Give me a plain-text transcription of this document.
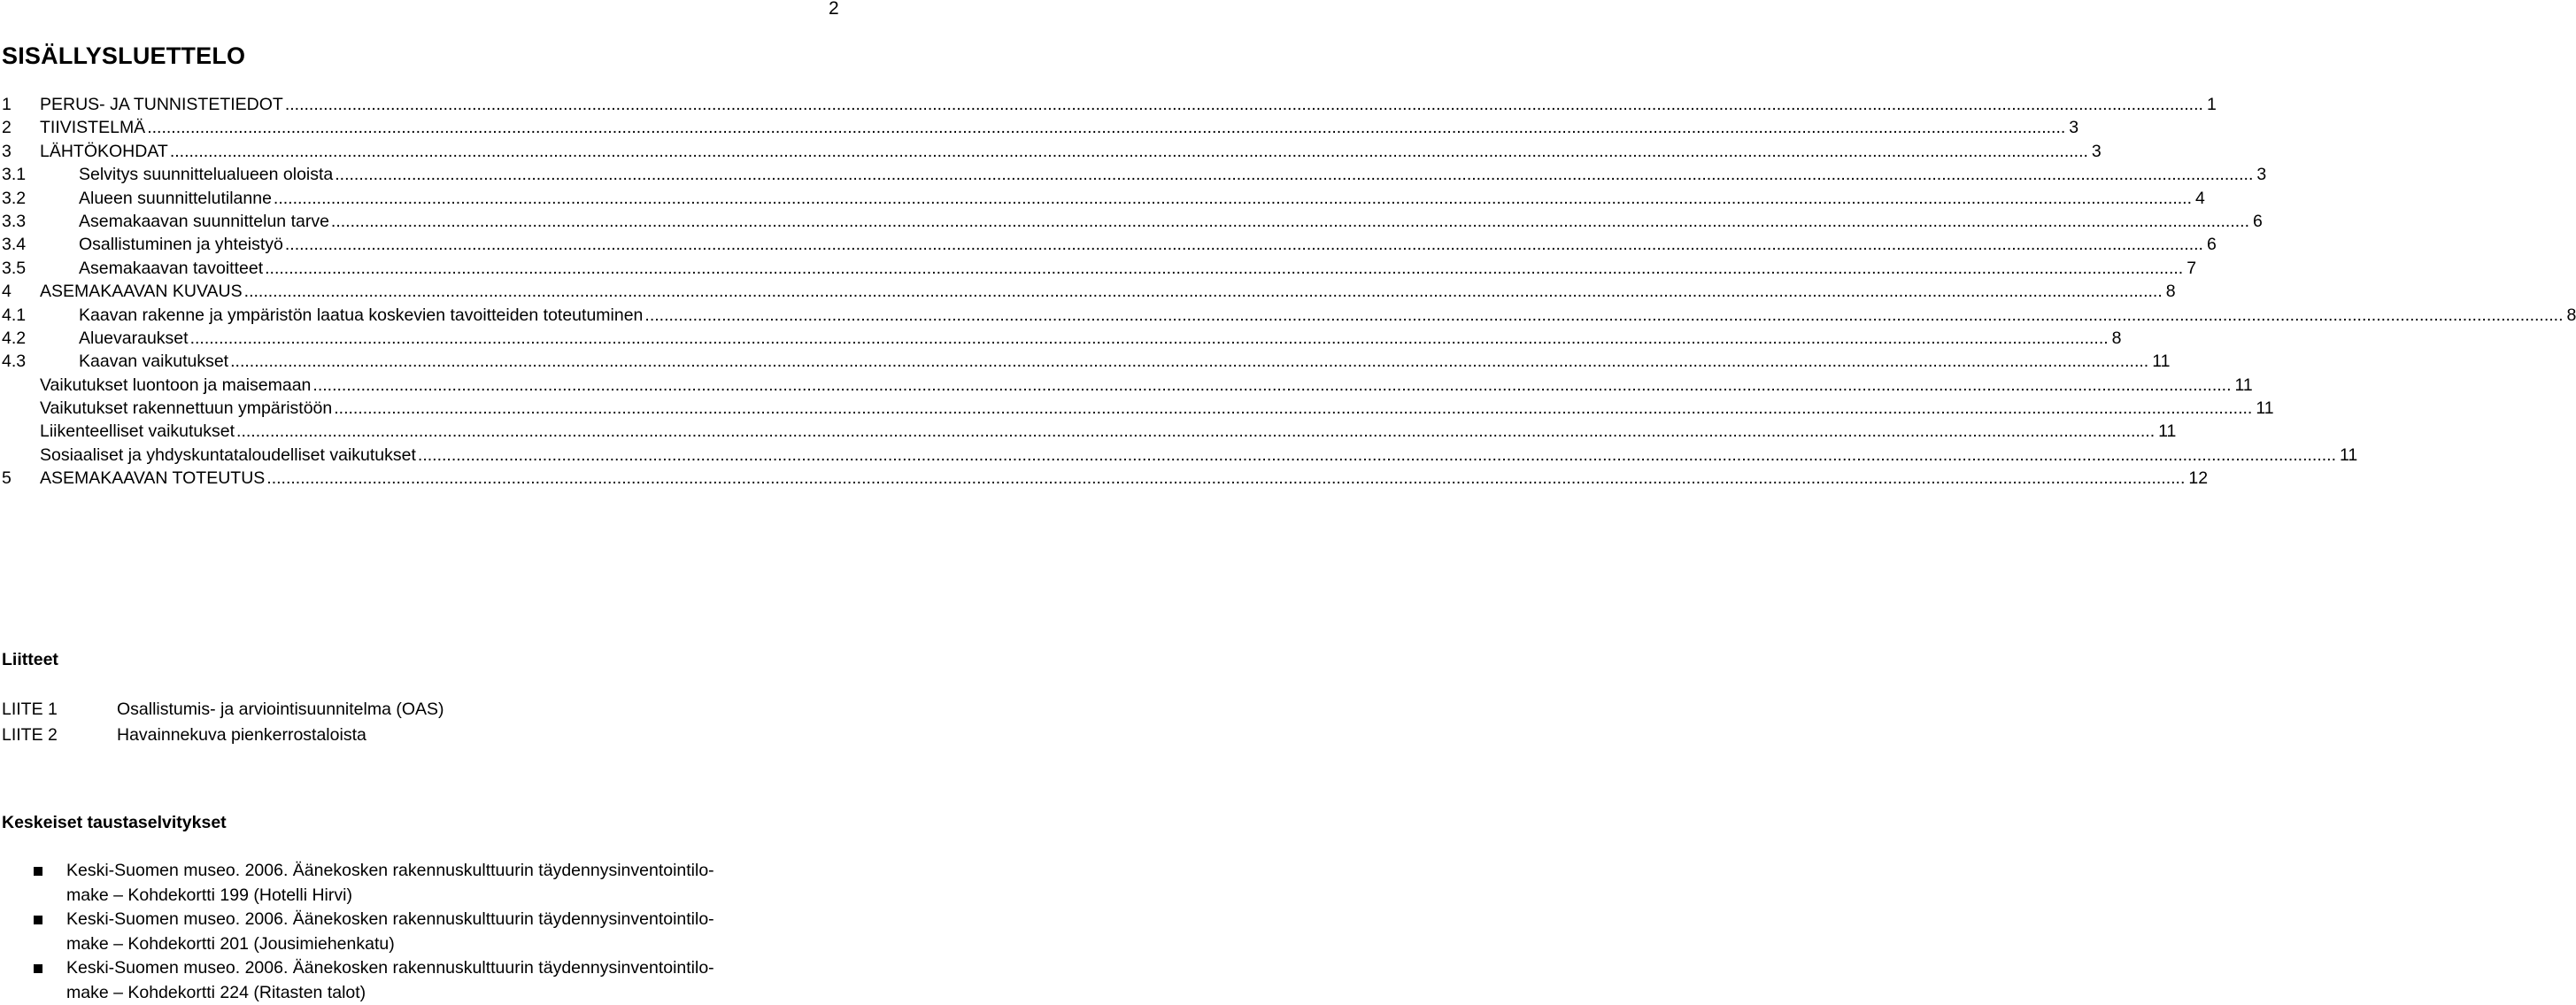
2
SISÄLLYSLUETTELO
1 PERUS- JA TUNNISTETIEDOT ................................................................................................................................................................................................................................................................................................................................................................................................................ 1
2 TIIVISTELMÄ ................................................................................................................................................................................................................................................................................................................................................................................................................ 3
3 LÄHTÖKOHDAT ................................................................................................................................................................................................................................................................................................................................................................................................................ 3
3.1	Selvitys suunnittelualueen oloista ................................................................................................................................................................................................................................................................................................................................................................................................................ 3
3.2	Alueen suunnittelutilanne ................................................................................................................................................................................................................................................................................................................................................................................................................ 4
3.3	Asemakaavan suunnittelun tarve ................................................................................................................................................................................................................................................................................................................................................................................................................ 6
3.4	Osallistuminen ja yhteistyö ................................................................................................................................................................................................................................................................................................................................................................................................................ 6
3.5	Asemakaavan tavoitteet ................................................................................................................................................................................................................................................................................................................................................................................................................ 7
4 ASEMAKAAVAN KUVAUS ................................................................................................................................................................................................................................................................................................................................................................................................................ 8
4.1	Kaavan rakenne ja ympäristön laatua koskevien tavoitteiden toteutuminen ................................................................................................................................................................................................................................................................................................................................................................................................................ 8
4.2	Aluevaraukset ................................................................................................................................................................................................................................................................................................................................................................................................................ 8
4.3	Kaavan vaikutukset ................................................................................................................................................................................................................................................................................................................................................................................................................ 11
Vaikutukset luontoon ja maisemaan ................................................................................................................................................................................................................................................................................................................................................................................................................ 11
Vaikutukset rakennettuun ympäristöön ................................................................................................................................................................................................................................................................................................................................................................................................................ 11
Liikenteelliset vaikutukset ................................................................................................................................................................................................................................................................................................................................................................................................................ 11
Sosiaaliset ja yhdyskuntataloudelliset vaikutukset ................................................................................................................................................................................................................................................................................................................................................................................................................ 11
5 ASEMAKAAVAN TOTEUTUS ................................................................................................................................................................................................................................................................................................................................................................................................................ 12
Liitteet
LIITE 1	Osallistumis- ja arviointisuunnitelma (OAS)
LIITE 2	Havainnekuva pienkerrostaloista
Keskeiset taustaselvitykset
Keski-Suomen museo. 2006. Äänekosken rakennuskulttuurin täydennysinventointilo-
make – Kohdekortti 199 (Hotelli Hirvi)
Keski-Suomen museo. 2006. Äänekosken rakennuskulttuurin täydennysinventointilo-
make – Kohdekortti 201 (Jousimiehenkatu)
Keski-Suomen museo. 2006. Äänekosken rakennuskulttuurin täydennysinventointilo-
make – Kohdekortti 224 (Ritasten talot)
